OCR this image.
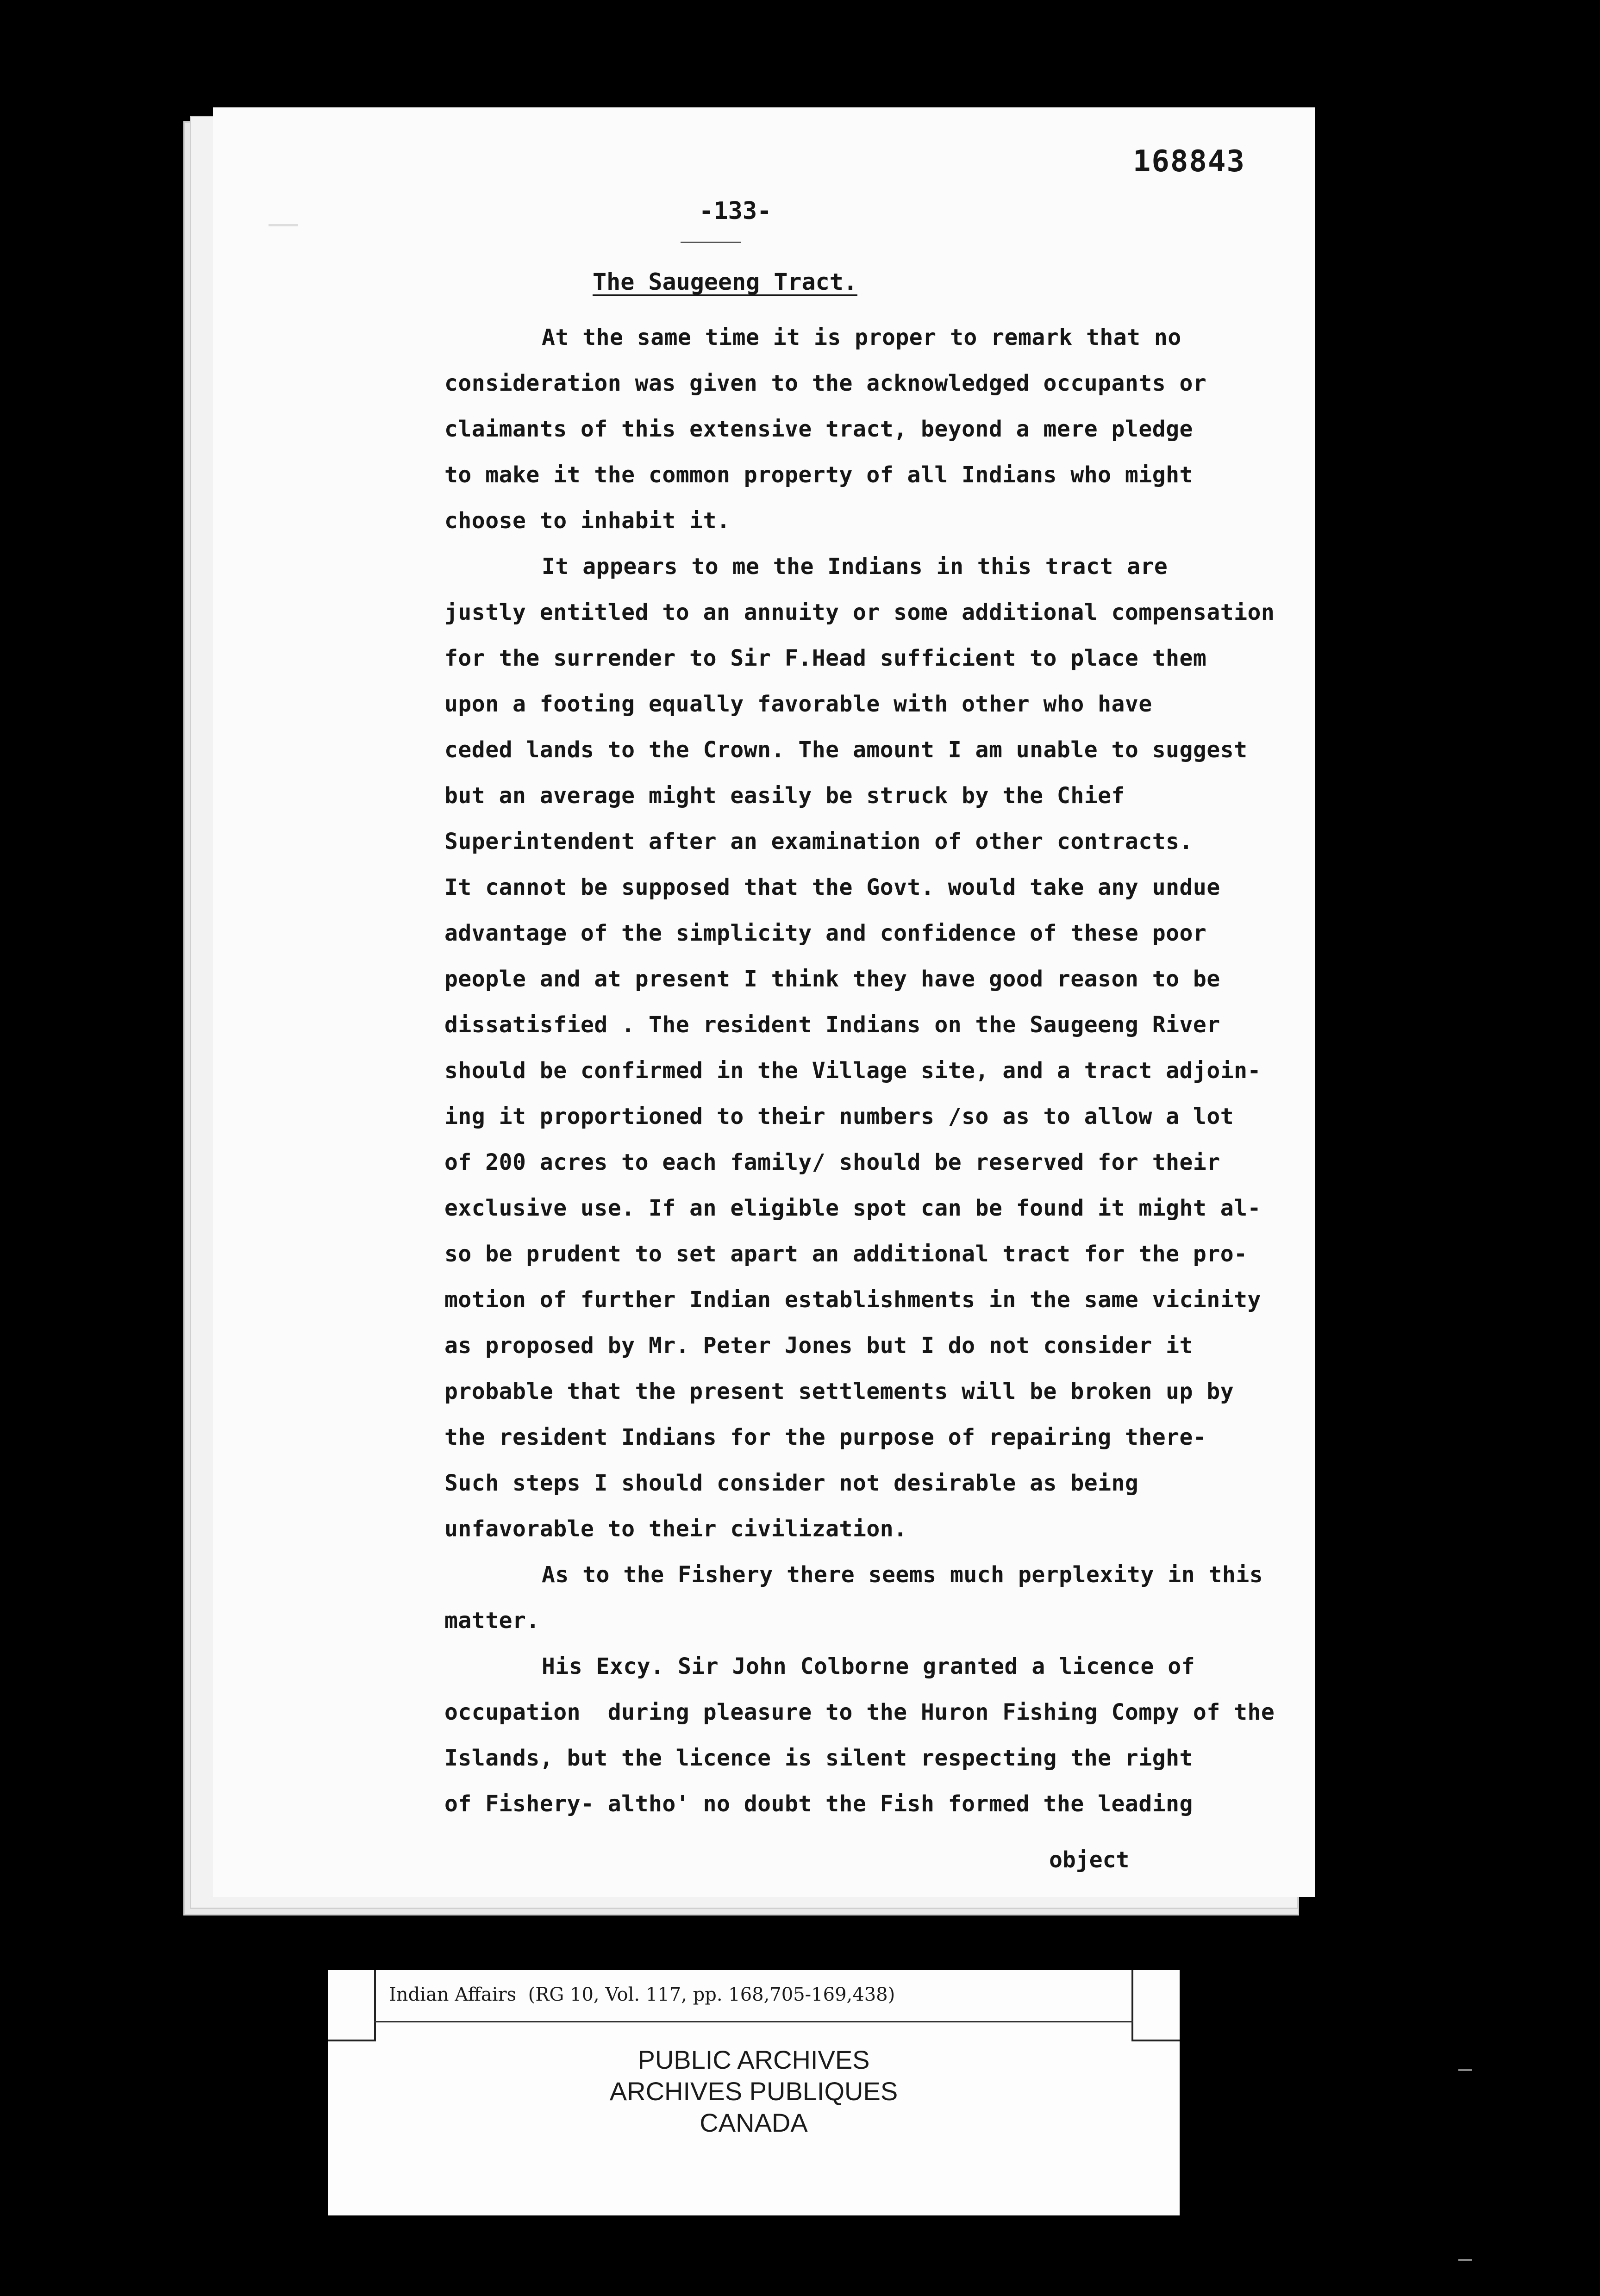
168843
-133-
The Saugeeng Tract.
At the same time it is proper to remark that no
consideration was given to the acknowledged occupants or
claimants of this extensive tract, beyond a mere pledge
to make it the common property of all Indians who might
choose to inhabit it.
It appears to me the Indians in this tract are
justly entitled to an annuity or some additional compensation
for the surrender to Sir F.Head sufficient to place them
upon a footing equally favorable with other who have
ceded lands to the Crown. The amount I am unable to suggest
but an average might easily be struck by the Chief
Superintendent after an examination of other contracts.
It cannot be supposed that the Govt. would take any undue
advantage of the simplicity and confidence of these poor
people and at present I think they have good reason to be
dissatisfied . The resident Indians on the Saugeeng River
should be confirmed in the Village site, and a tract adjoin-
ing it proportioned to their numbers /so as to allow a lot
of 200 acres to each family/ should be reserved for their
exclusive use. If an eligible spot can be found it might al-
so be prudent to set apart an additional tract for the pro-
motion of further Indian establishments in the same vicinity
as proposed by Mr. Peter Jones but I do not consider it
probable that the present settlements will be broken up by
the resident Indians for the purpose of repairing there-
Such steps I should consider not desirable as being
unfavorable to their civilization.
As to the Fishery there seems much perplexity in this
matter.
His Excy. Sir John Colborne granted a licence of
occupation  during pleasure to the Huron Fishing Compy of the
Islands, but the licence is silent respecting the right
of Fishery- altho' no doubt the Fish formed the leading
object
Indian Affairs  (RG 10, Vol. 117, pp. 168,705-169,438)
PUBLIC ARCHIVES
ARCHIVES PUBLIQUES
CANADA
